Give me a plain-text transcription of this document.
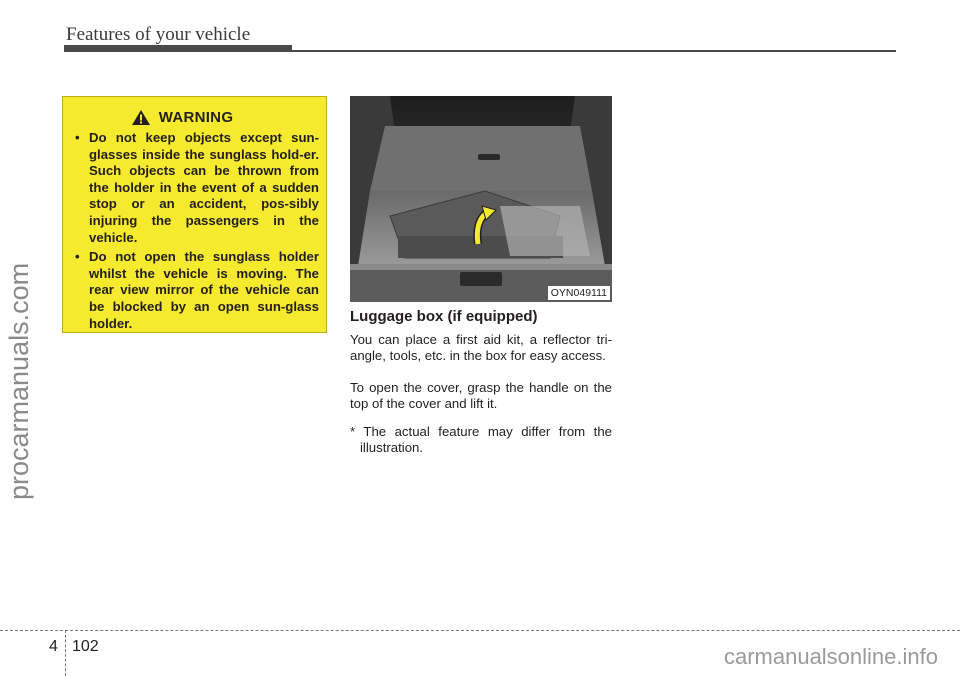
Features of your vehicle
procarmanuals.com
WARNING
• Do not keep objects except sun-glasses inside the sunglass hold-er. Such objects can be thrown from the holder in the event of a sudden stop or an accident, pos-sibly injuring the passengers in the vehicle.
• Do not open the sunglass holder whilst the vehicle is moving. The rear view mirror of the vehicle can be blocked by an open sun-glass holder.
OYN049111
Luggage box (if equipped)

You can place a first aid kit, a reflector tri-angle, tools, etc. in the box for easy access.

To open the cover, grasp the handle on the top of the cover and lift it.

* The actual feature may differ from the illustration.
4 102	carmanualsonline.info
